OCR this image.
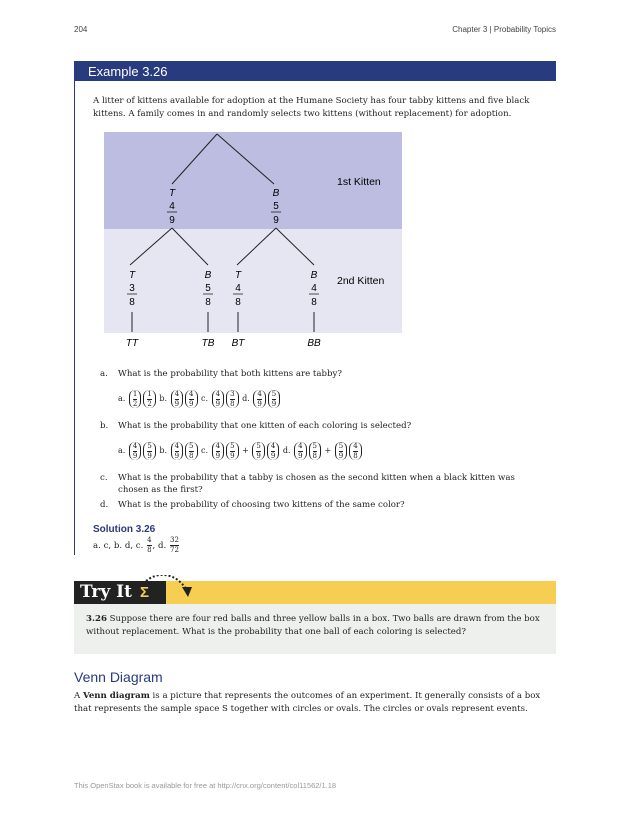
204	Chapter 3 | Probability Topics
Example 3.26
A litter of kittens available for adoption at the Humane Society has four tabby kittens and five black kittens. A family comes in and randomly selects two kittens (without replacement) for adoption.
T
4
9
B
5
9
T
3
8
B
5
8
T
4
8
B
4
8
1st Kitten
2nd Kitten
TT	TB BT	BB
a. What is the probability that both kittens are tabby?
a. $\frac{1}{2} \frac{1}{2} b$. $\frac{4}{9} \frac{4}{9} c$. $\frac{4}{9} \frac{3}{8} d$. $\frac{4}{9} \frac{5}{9}$
b. What is the probability that one kitten of each coloring is selected?
a. $\frac{4}{9} \frac{5}{9} b$. $\frac{4}{9} \frac{5}{8} c$. $\frac{4}{9} \frac{5}{9} + \frac{5}{9} \frac{4}{9} d$. $\frac{4}{9} \frac{5}{8} + \frac{5}{9} \frac{4}{8}$
c.	What is the probability that a tabby is chosen as the second kitten when a black kitten was chosen as the first?
d. What is the probability of choosing two kittens of the same color?
Solution 3.26
a. c, b. d, c. $\frac{4}{8}$ , d. $\frac{32}{72}$
Try It Σ
3.26 Suppose there are four red balls and three yellow balls in a box. Two balls are drawn from the box without replacement. What is the probability that one ball of each coloring is selected?
Venn Diagram
A Venn diagram is a picture that represents the outcomes of an experiment. It generally consists of a box that represents the sample space S together with circles or ovals. The circles or ovals represent events.
This OpenStax book is available for free at http://cnx.org/content/col11562/1.18
